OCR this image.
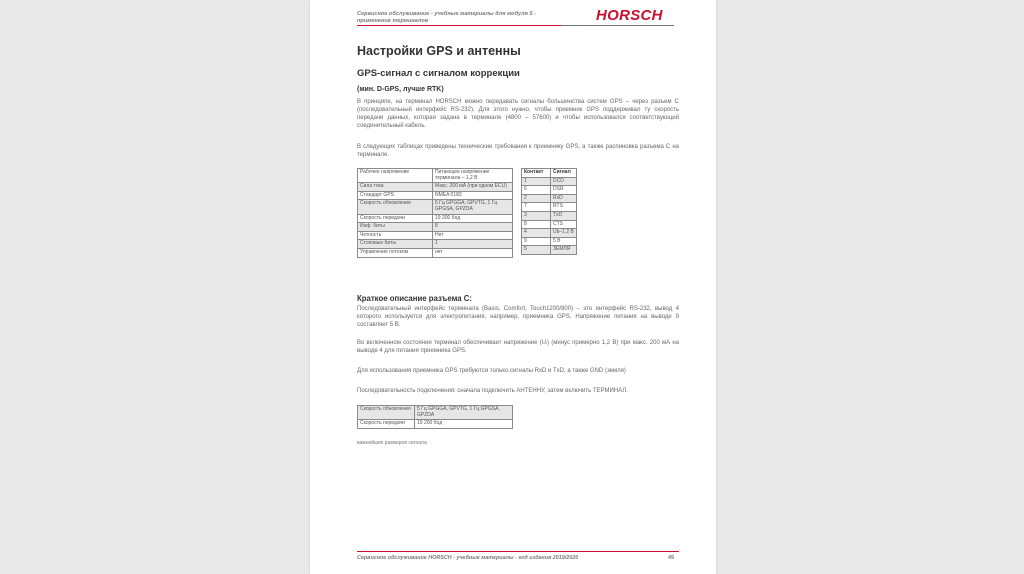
Сервисное обслуживание - учебные материалы для модуля 5 -
применение терминалов	HORSCH
Настройки GPS и антенны
GPS-сигнал с сигналом коррекции
(мин. D-GPS, лучше RTK)
В принципе, на терминал HORSCH можно передавать сигналы большинства систем GPS – через разъем С (последовательный интерфейс RS-232). Для этого нужно, чтобы приемник GPS поддерживал ту скорость передачи данных, которая задана в терминале (4800 – 57600) и чтобы использовался соответствующий соединительный кабель.
В следующих таблицах приведены технические требования к приемнику GPS, а также распиновка разъема С на терминале.
Рабочее напряжение	Питающее напряжение терминала – 1,2 В
Сила тока	Макс. 200 мА (при одном ECU)
Стандарт GPS	NMEA 0183
Скорость обновления	5 Гц GPGGA, GPVTG, 1 Гц GPGSA, GPZDA
Скорость передачи	19 200 бод
Инф. биты	8
Четность	Нет
Стоповые биты	1
Управление потоком	нет
Контакт	Сигнал
1	DCD
6	DSR
2	RxD
7	RTS
3	TxD
8	CTS
4	Ub–1,2 В
9	5 В
5	ЗЕМЛЯ
Краткое описание разъема С:
Последовательный интерфейс терминала (Basis, Comfort, Touch1200/800) – это интерфейс RS-232, вывод 4 которого используется для электропитания, например, приемника GPS. Напряжение питания на выводе 9 составляет 5 В.
Во включенном состоянии терминал обеспечивает напряжение (Uₗ) (минус примерно 1,2 В) при макс. 200 мА на выводе 4 для питания приемника GPS.
Для использования приемника GPS требуются только сигналы RxD и TxD, а также GND (земля)
Последовательность подключения: сначала подключить АНТЕННУ, затем включить ТЕРМИНАЛ.
Скорость обновления	5 Гц GPGGA, GPVTG, 1 Гц GPGSA, GPZDA
Скорость передачи	19 200 бод
важнейших размеров сигнала
Сервисное обслуживание HORSCH - учебные материалы - год издания 2019/2020	49
